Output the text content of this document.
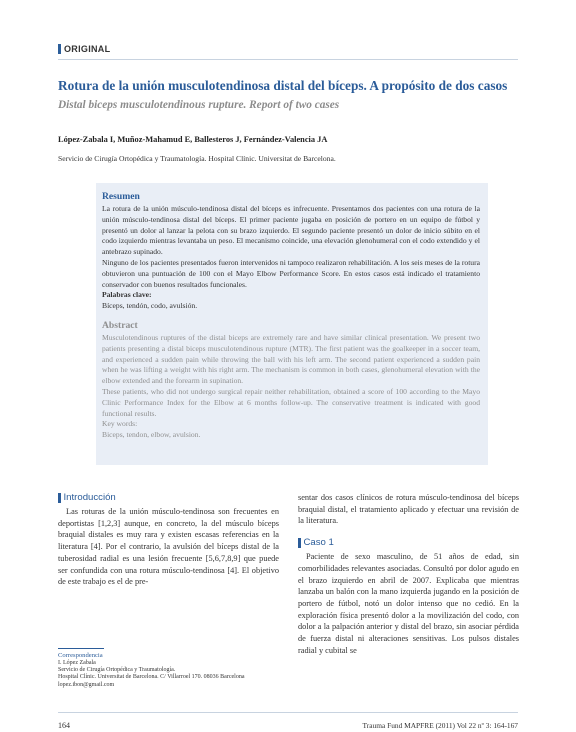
ORIGINAL
Rotura de la unión musculotendinosa distal del bíceps. A propósito de dos casos
Distal biceps musculotendinous rupture. Report of two cases
López-Zabala I, Muñoz-Mahamud E, Ballesteros J, Fernández-Valencia JA
Servicio de Cirugía Ortopédica y Traumatología. Hospital Clínic. Universitat de Barcelona.
Resumen

La rotura de la unión músculo-tendinosa distal del bíceps es infrecuente. Presentamos dos pacientes con una rotura de la unión músculo-tendinosa distal del bíceps. El primer paciente jugaba en posición de portero en un equipo de fútbol y presentó un dolor al lanzar la pelota con su brazo izquierdo. El segundo paciente presentó un dolor de inicio súbito en el codo izquierdo mientras levantaba un peso. El mecanismo coincide, una elevación glenohumeral con el codo extendido y el antebrazo supinado.

Ninguno de los pacientes presentados fueron intervenidos ni tampoco realizaron rehabilitación. A los seis meses de la rotura obtuvieron una puntuación de 100 con el Mayo Elbow Performance Score. En estos casos está indicado el tratamiento conservador con buenos resultados funcionales.

Palabras clave:

Bíceps, tendón, codo, avulsión.

Abstract

Musculotendinous ruptures of the distal biceps are extremely rare and have similar clinical presentation. We present two patients presenting a distal biceps musculotendinous rupture (MTR). The first patient was the goalkeeper in a soccer team, and experienced a sudden pain while throwing the ball with his left arm. The second patient experienced a sudden pain when he was lifting a weight with his right arm. The mechanism is common in both cases, glenohumeral elevation with the elbow extended and the forearm in supination.

These patients, who did not undergo surgical repair neither rehabilitation, obtained a score of 100 according to the Mayo Clinic Performance Index for the Elbow at 6 months follow-up. The conservative treatment is indicated with good functional results.

Key words:

Biceps, tendon, elbow, avulsion.

Introducción

Las roturas de la unión músculo-tendinosa son frecuentes en deportistas [1,2,3] aunque, en concreto, la del músculo bíceps braquial distales es muy rara y existen escasas referencias en la literatura [4]. Por el contrario, la avulsión del bíceps distal de la tuberosidad radial es una lesión frecuente [5,6,7,8,9] que puede ser confundida con una rotura músculo-tendinosa [4]. El objetivo de este trabajo es el de pre-

sentar dos casos clínicos de rotura músculo-tendinosa del bíceps braquial distal, el tratamiento aplicado y efectuar una revisión de la literatura.

Caso 1

Paciente de sexo masculino, de 51 años de edad, sin comorbilidades relevantes asociadas. Consultó por dolor agudo en el brazo izquierdo en abril de 2007. Explicaba que mientras lanzaba un balón con la mano izquierda jugando en la posición de portero de fútbol, notó un dolor intenso que no cedió. En la exploración física presentó dolor a la movilización del codo, con dolor a la palpación anterior y distal del brazo, sin asociar pérdida de fuerza distal ni alteraciones sensitivas. Los pulsos distales radial y cubital se

Correspondencia
I. López Zabala
Servicio de Cirugía Ortopédica y Traumatología.
Hospital Clínic. Universitat de Barcelona. C/ Villarroel 170. 08036 Barcelona
lopez.ibon@gmail.com
164	Trauma Fund MAPFRE (2011) Vol 22 nº 3: 164-167
